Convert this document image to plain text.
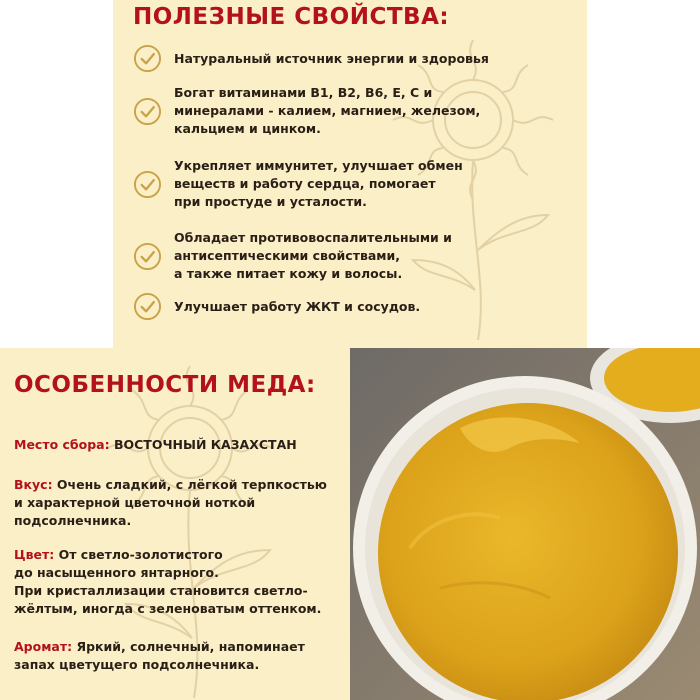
ПОЛЕЗНЫЕ СВОЙСТВА:
Натуральный источник энергии и здоровья
Богат витаминами B1, B2, B6, E, C и
минералами - калием, магнием, железом,
кальцием и цинком.
Укрепляет иммунитет, улучшает обмен
веществ и работу сердца, помогает
при простуде и усталости.
Обладает противовоспалительными и
антисептическими свойствами,
а также питает кожу и волосы.
Улучшает работу ЖКТ и сосудов.
ОСОБЕННОСТИ МЕДА:

Место сбора: ВОСТОЧНЫЙ КАЗАХСТАН

Вкус: Очень сладкий, с лёгкой терпкостью
и характерной цветочной ноткой
подсолнечника.

Цвет: От светло-золотистого
до насыщенного янтарного.
При кристаллизации становится светло-
жёлтым, иногда с зеленоватым оттенком.

Аромат: Яркий, солнечный, напоминает
запах цветущего подсолнечника.
